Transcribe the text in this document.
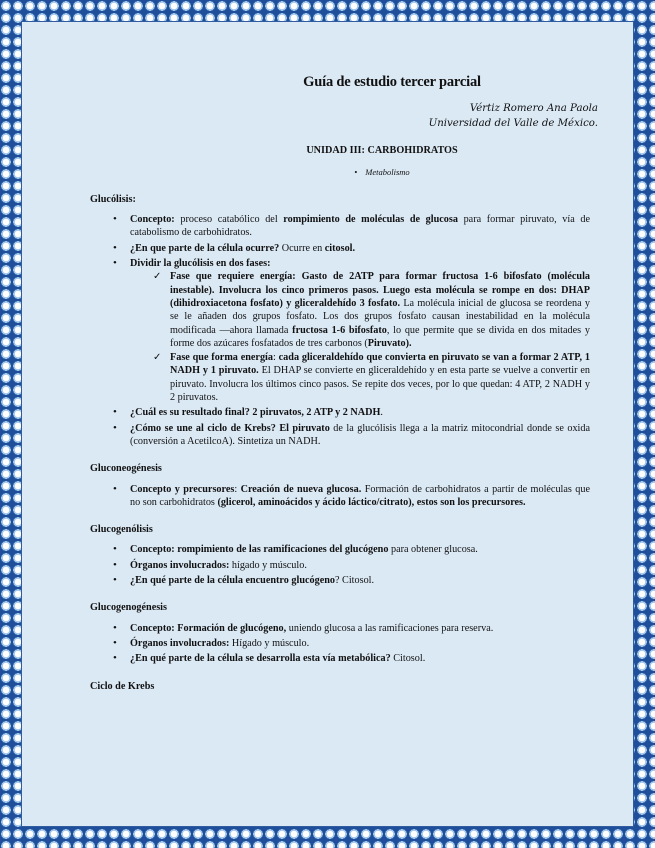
Guía de estudio tercer parcial
Vértiz Romero Ana Paola
Universidad del Valle de México.
UNIDAD III: CARBOHIDRATOS
• Metabolismo
Glucólisis:
• Concepto: proceso catabólico del rompimiento de moléculas de glucosa para formar piruvato, vía de catabolismo de carbohidratos.
• ¿En que parte de la célula ocurre? Ocurre en citosol.
• Dividir la glucólisis en dos fases:
✓ Fase que requiere energía: Gasto de 2ATP para formar fructosa 1-6 bifosfato (molécula inestable). Involucra los cinco primeros pasos. Luego esta molécula se rompe en dos: DHAP (dihidroxiacetona fosfato) y gliceraldehído 3 fosfato. La molécula inicial de glucosa se reordena y se le añaden dos grupos fosfato. Los dos grupos fosfato causan inestabilidad en la molécula modificada —ahora llamada fructosa 1-6 bifosfato, lo que permite que se divida en dos mitades y forme dos azúcares fosfatados de tres carbonos (Piruvato).
✓ Fase que forma energía: cada gliceraldehído que convierta en piruvato se van a formar 2 ATP, 1 NADH y 1 piruvato. El DHAP se convierte en gliceraldehído y en esta parte se vuelve a convertir en piruvato. Involucra los últimos cinco pasos. Se repite dos veces, por lo que quedan: 4 ATP, 2 NADH y 2 piruvatos.
• ¿Cuál es su resultado final? 2 piruvatos, 2 ATP y 2 NADH.
• ¿Cómo se une al ciclo de Krebs? El piruvato de la glucólisis llega a la matriz mitocondrial donde se oxida (conversión a AcetilcoA). Sintetiza un NADH.
Gluconeogénesis
• Concepto y precursores: Creación de nueva glucosa. Formación de carbohidratos a partir de moléculas que no son carbohidratos (glicerol, aminoácidos y ácido láctico/citrato), estos son los precursores.
Glucogenólisis
• Concepto: rompimiento de las ramificaciones del glucógeno para obtener glucosa.
• Órganos involucrados: hígado y músculo.
• ¿En qué parte de la célula encuentro glucógeno? Citosol.
Glucogenogénesis
• Concepto: Formación de glucógeno, uniendo glucosa a las ramificaciones para reserva.
• Órganos involucrados: Hígado y músculo.
• ¿En qué parte de la célula se desarrolla esta vía metabólica? Citosol.
Ciclo de Krebs
